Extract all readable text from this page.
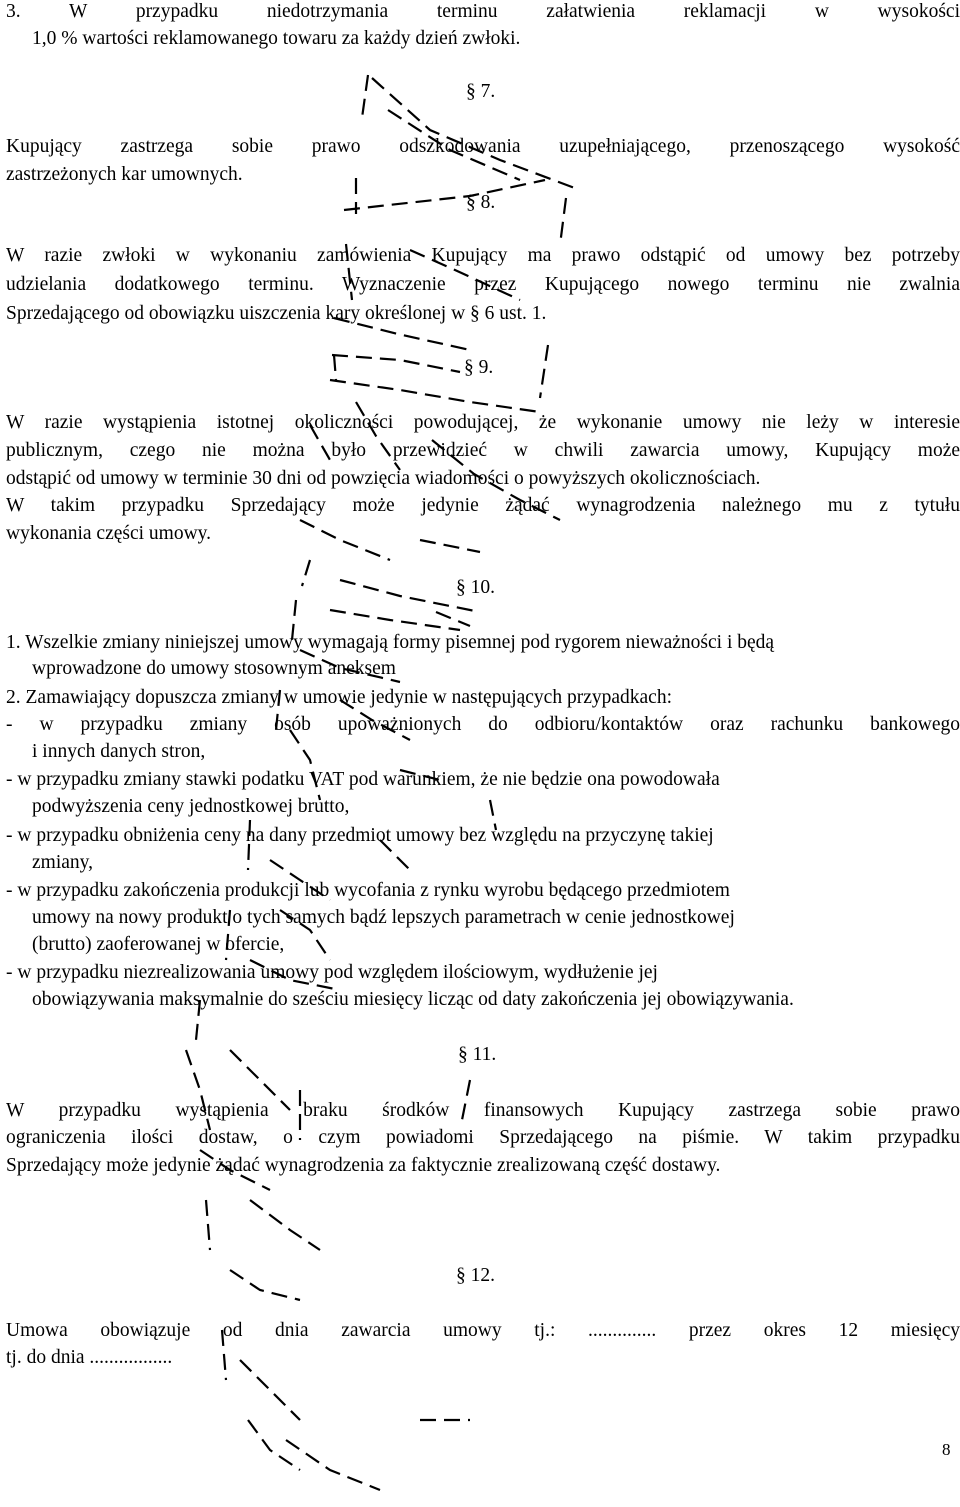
3. W przypadku niedotrzymania terminu załatwienia reklamacji w wysokości
1,0 % wartości reklamowanego towaru za każdy dzień zwłoki.
§ 7.
Kupujący zastrzega sobie prawo odszkodowania uzupełniającego, przenoszącego wysokość
zastrzeżonych kar umownych.
§ 8.
W razie zwłoki w wykonaniu zamówienia Kupujący ma prawo odstąpić od umowy bez potrzeby
udzielania dodatkowego terminu. Wyznaczenie przez Kupującego nowego terminu nie zwalnia
Sprzedającego od obowiązku uiszczenia kary określonej w § 6 ust. 1.
§ 9.
W razie wystąpienia istotnej okoliczności powodującej, że wykonanie umowy nie leży w interesie
publicznym, czego nie można było przewidzieć w chwili zawarcia umowy, Kupujący może
odstąpić od umowy w terminie 30 dni od powzięcia wiadomości o powyższych okolicznościach.
W takim przypadku Sprzedający może jedynie żądać wynagrodzenia należnego mu z tytułu
wykonania części umowy.
§ 10.
1. Wszelkie zmiany niniejszej umowy wymagają formy pisemnej pod rygorem nieważności i będą
wprowadzone do umowy stosownym aneksem
2. Zamawiający dopuszcza zmiany w umowie jedynie w następujących przypadkach:
- w przypadku zmiany osób upoważnionych do odbioru/kontaktów oraz rachunku bankowego
i innych danych stron,
- w przypadku zmiany stawki podatku VAT pod warunkiem, że nie będzie ona powodowała
podwyższenia ceny jednostkowej brutto,
- w przypadku obniżenia ceny na dany przedmiot umowy bez względu na przyczynę takiej
zmiany,
- w przypadku zakończenia produkcji lub wycofania z rynku wyrobu będącego przedmiotem
umowy na nowy produkt o tych samych bądź lepszych parametrach w cenie jednostkowej
(brutto) zaoferowanej w ofercie,
- w przypadku niezrealizowania umowy pod względem ilościowym, wydłużenie jej
obowiązywania maksymalnie do sześciu miesięcy licząc od daty zakończenia jej obowiązywania.
§ 11.
W przypadku wystąpienia braku środków finansowych Kupujący zastrzega sobie prawo
ograniczenia ilości dostaw, o czym powiadomi Sprzedającego na piśmie. W takim przypadku
Sprzedający może jedynie żądać wynagrodzenia za faktycznie zrealizowaną część dostawy.
§ 12.
Umowa obowiązuje od dnia zawarcia umowy tj.: .............. przez okres 12 miesięcy
tj. do dnia .................
8
